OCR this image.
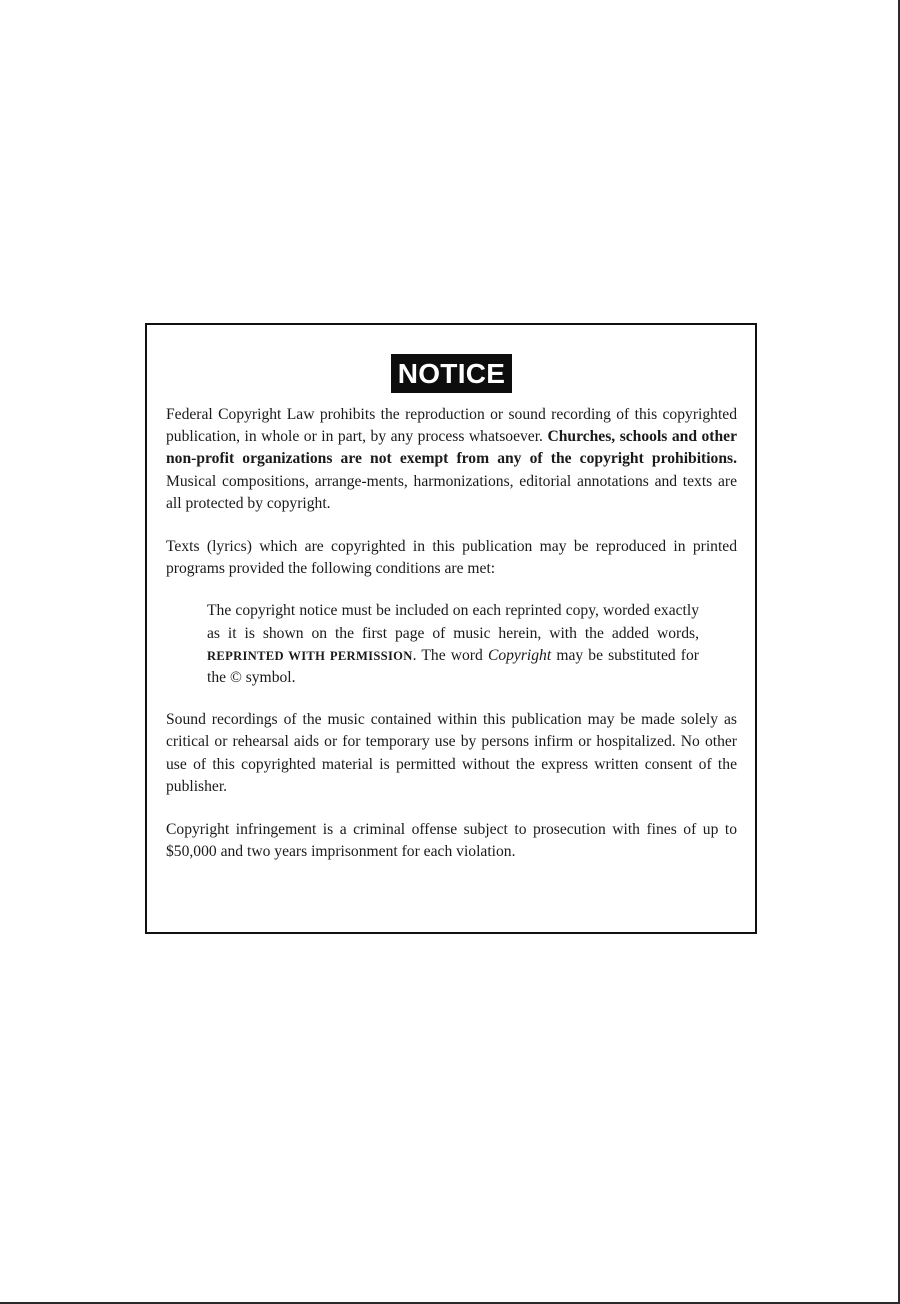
NOTICE

Federal Copyright Law prohibits the reproduction or sound recording of this copyrighted publication, in whole or in part, by any process whatsoever. Churches, schools and other non-profit organizations are not exempt from any of the copyright prohibitions. Musical compositions, arrange-ments, harmonizations, editorial annotations and texts are all protected by copyright.

Texts (lyrics) which are copyrighted in this publication may be reproduced in printed programs provided the following conditions are met:

The copyright notice must be included on each reprinted copy, worded exactly as it is shown on the first page of music herein, with the added words, REPRINTED WITH PERMISSION. The word Copyright may be substituted for the © symbol.

Sound recordings of the music contained within this publication may be made solely as critical or rehearsal aids or for temporary use by persons infirm or hospitalized. No other use of this copyrighted material is permitted without the express written consent of the publisher.

Copyright infringement is a criminal offense subject to prosecution with fines of up to $50,000 and two years imprisonment for each violation.
